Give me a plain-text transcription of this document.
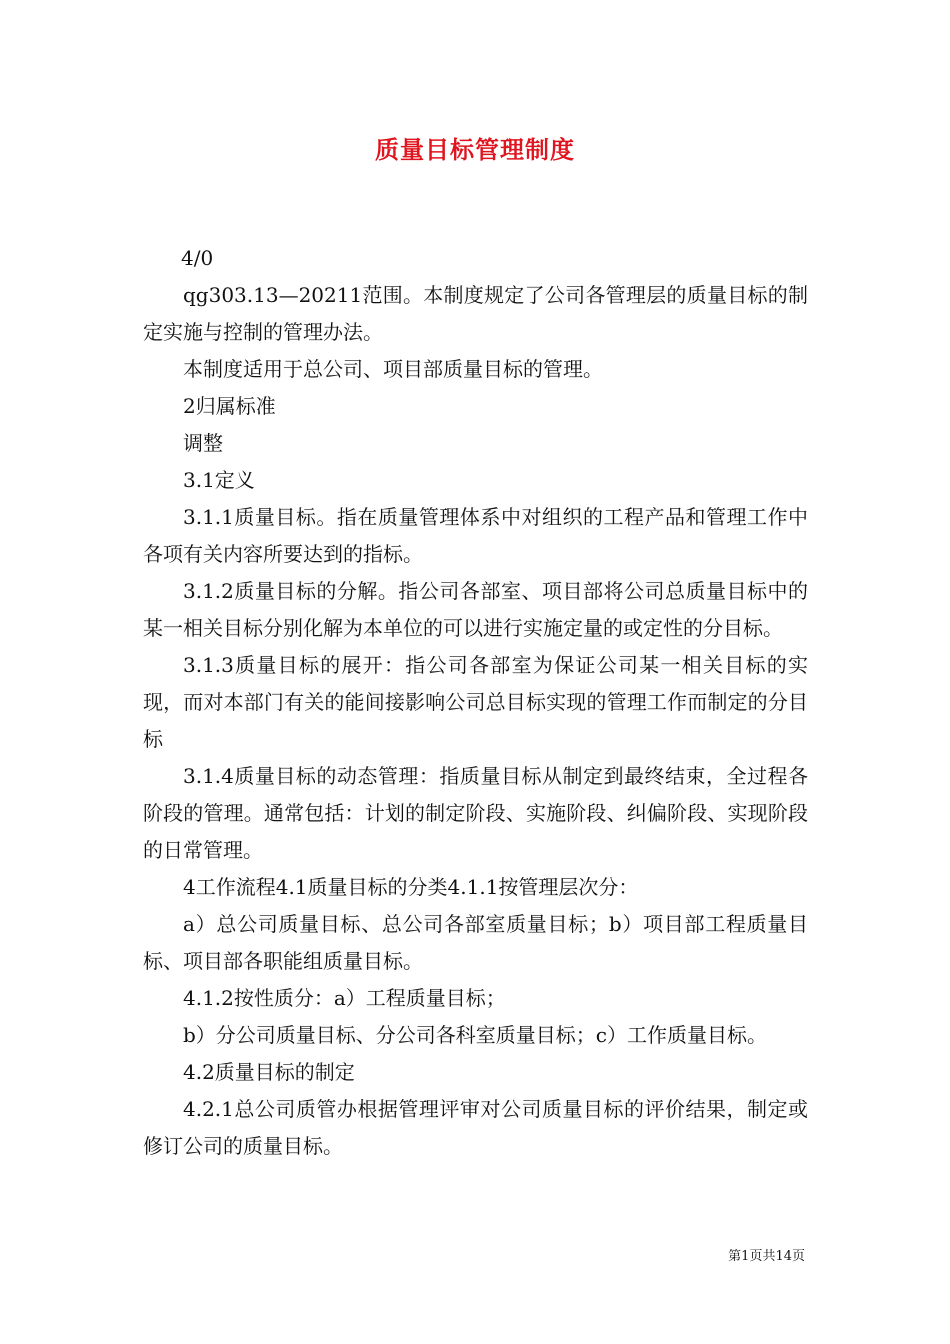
质量目标管理制度

4/0

qg303.13—20211范围。本制度规定了公司各管理层的质量目标的制定实施与控制的管理办法。

本制度适用于总公司、项目部质量目标的管理。

2归属标准

调整

3.1定义

3.1.1质量目标。指在质量管理体系中对组织的工程产品和管理工作中各项有关内容所要达到的指标。

3.1.2质量目标的分解。指公司各部室、项目部将公司总质量目标中的某一相关目标分别化解为本单位的可以进行实施定量的或定性的分目标。

3.1.3质量目标的展开：指公司各部室为保证公司某一相关目标的实现，而对本部门有关的能间接影响公司总目标实现的管理工作而制定的分目标

3.1.4质量目标的动态管理：指质量目标从制定到最终结束，全过程各阶段的管理。通常包括：计划的制定阶段、实施阶段、纠偏阶段、实现阶段的日常管理。

4工作流程4.1质量目标的分类4.1.1按管理层次分：

a）总公司质量目标、总公司各部室质量目标；b）项目部工程质量目标、项目部各职能组质量目标。

4.1.2按性质分：a）工程质量目标；

b）分公司质量目标、分公司各科室质量目标；c）工作质量目标。

4.2质量目标的制定

4.2.1总公司质管办根据管理评审对公司质量目标的评价结果，制定或修订公司的质量目标。

第1页共14页
